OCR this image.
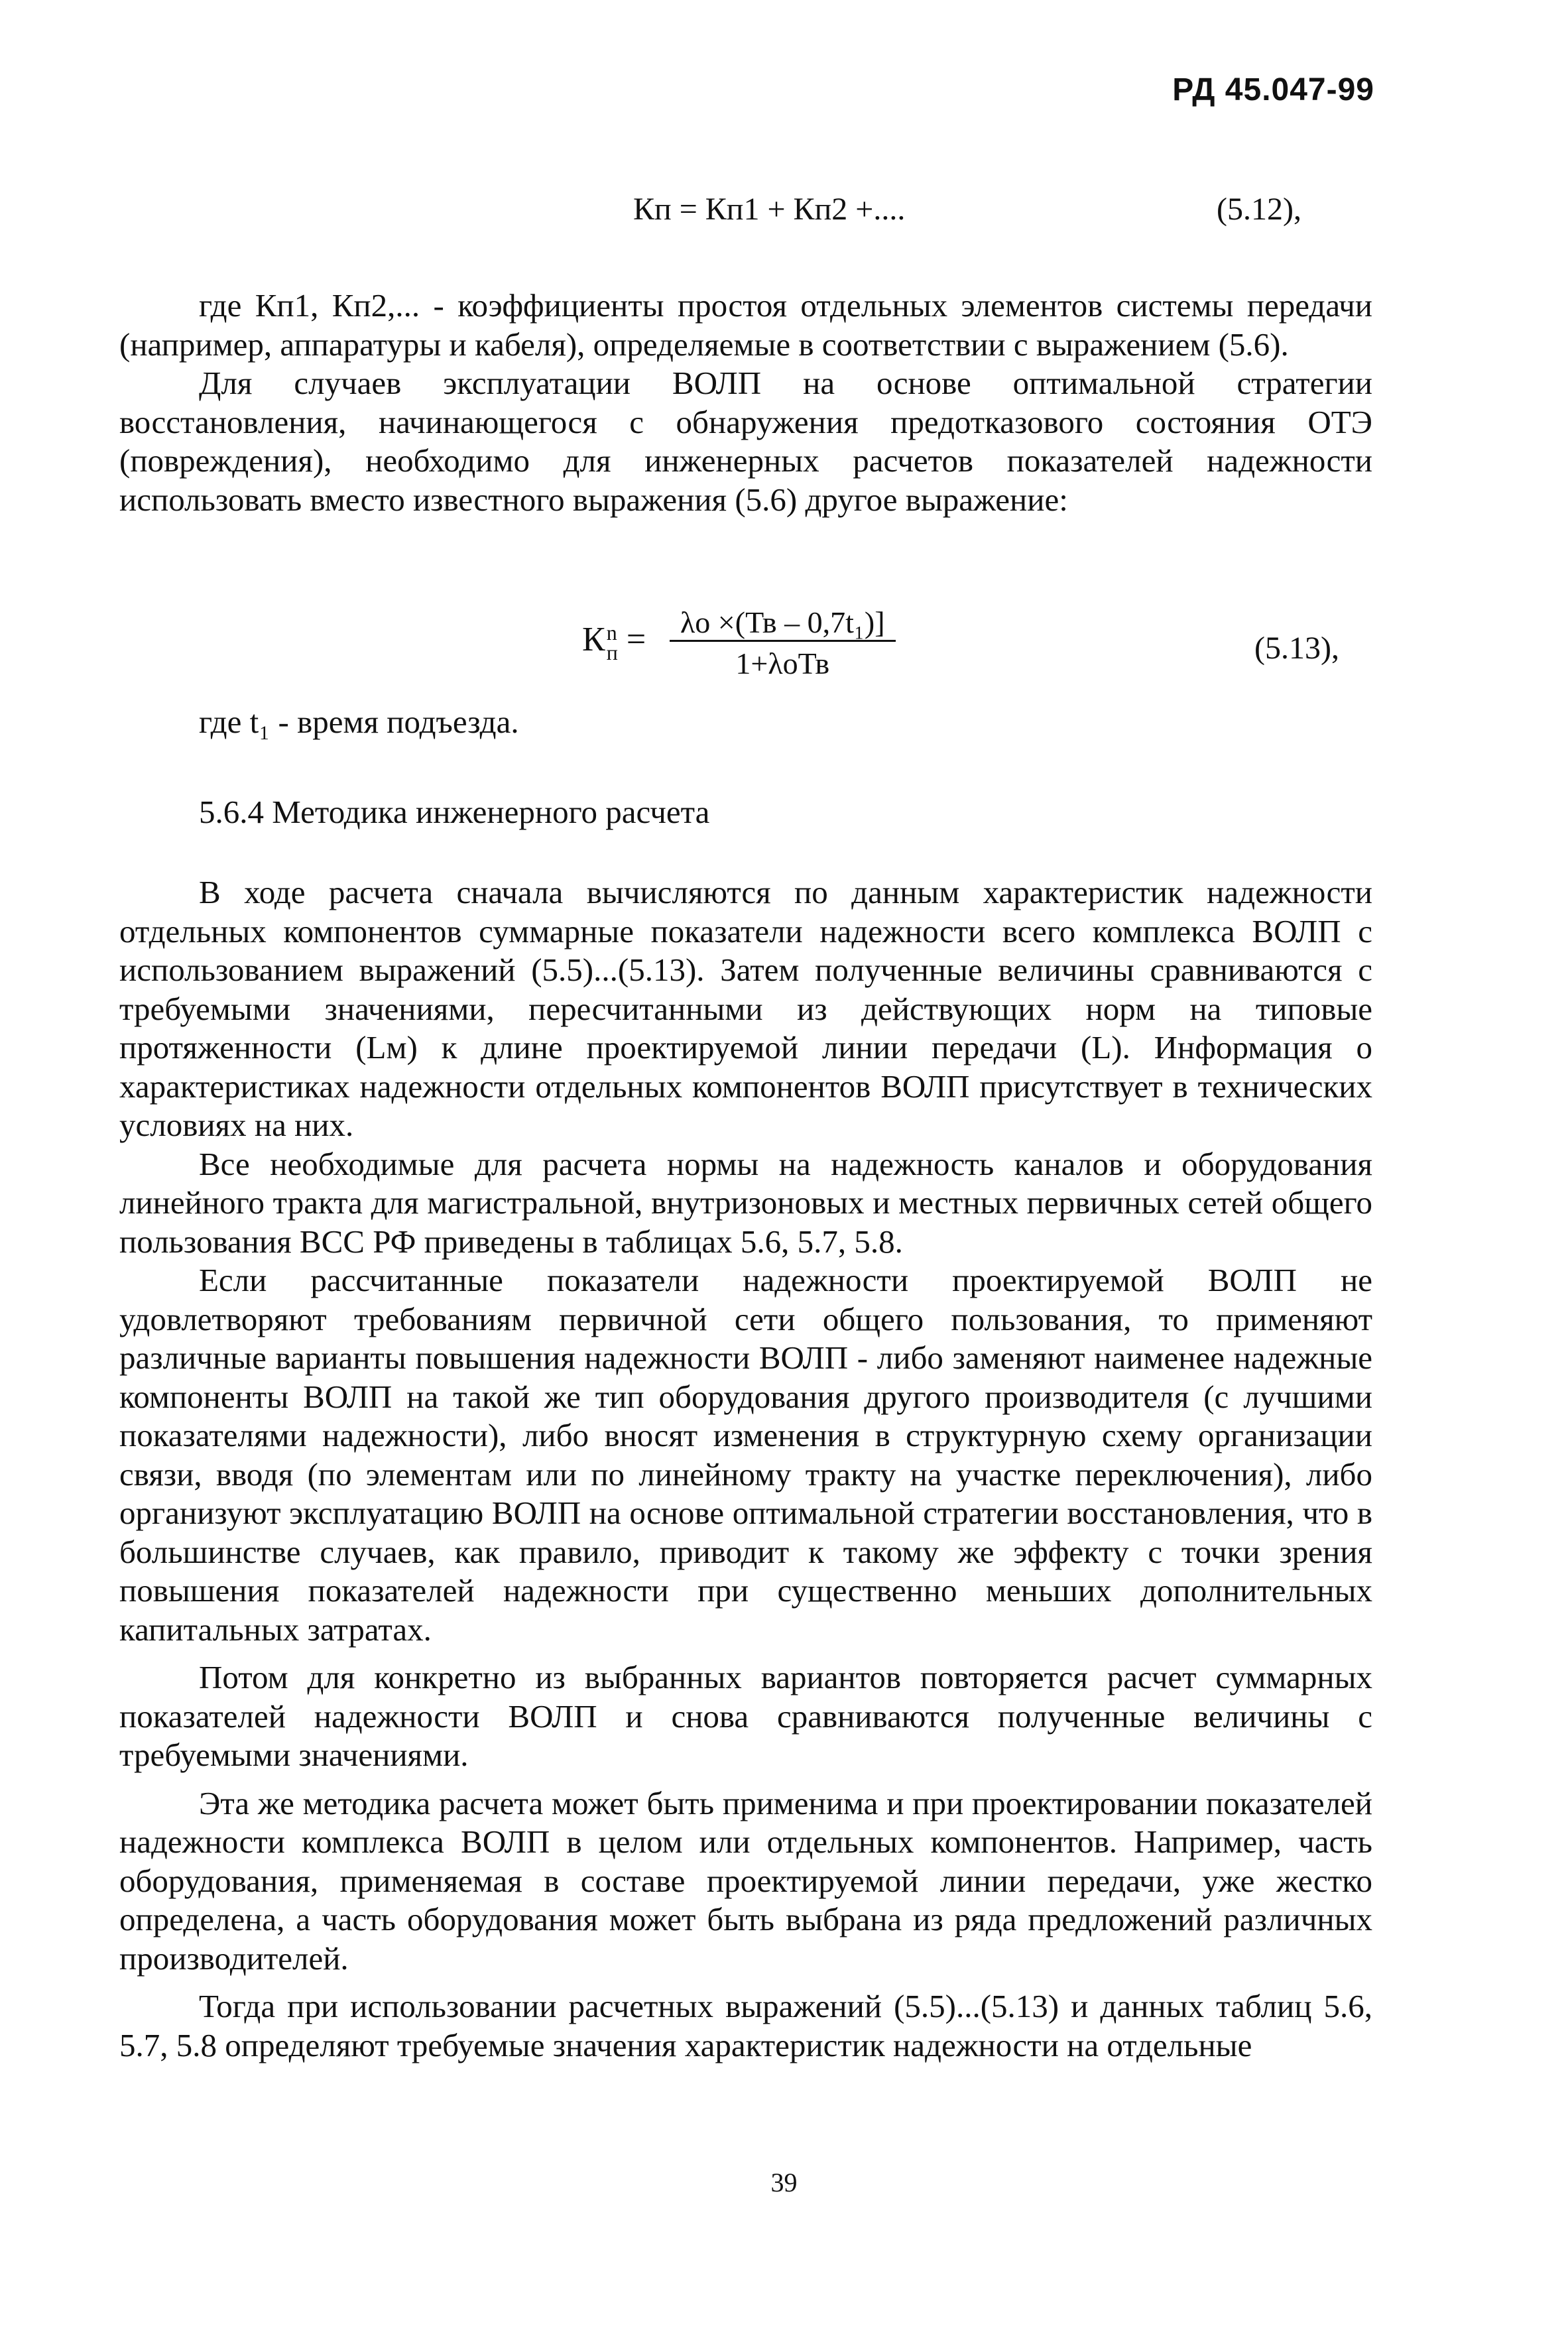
РД 45.047-99
Кп = Кп1 + Кп2 +....	(5.12),

где Кп1, Кп2,... - коэффициенты простоя отдельных элементов системы передачи (например, аппаратуры и кабеля), определяемые в соответствии с выражением (5.6).

Для случаев эксплуатации ВОЛП на основе оптимальной стратегии восстановления, начинающегося с обнаружения предотказового состояния ОТЭ (повреждения), необходимо для инженерных расчетов показателей надежности использовать вместо известного выражения (5.6) другое выражение:

К n
п =	λо ×(Тв – 0,7t₁)]
1+λоТв	(5.13),

где t₁ - время подъезда.

5.6.4 Методика инженерного расчета

В ходе расчета сначала вычисляются по данным характеристик надежности отдельных компонентов суммарные показатели надежности всего комплекса ВОЛП с использованием выражений (5.5)...(5.13). Затем полученные величины сравниваются с требуемыми значениями, пересчитанными из действующих норм на типовые протяженности (Lм) к длине проектируемой линии передачи (L). Информация о характеристиках надежности отдельных компонентов ВОЛП присутствует в технических условиях на них.

Все необходимые для расчета нормы на надежность каналов и оборудования линейного тракта для магистральной, внутризоновых и местных первичных сетей общего пользования ВСС РФ приведены в таблицах 5.6, 5.7, 5.8.

Если рассчитанные показатели надежности проектируемой ВОЛП не удовлетворяют требованиям первичной сети общего пользования, то применяют различные варианты повышения надежности ВОЛП - либо заменяют наименее надежные компоненты ВОЛП на такой же тип оборудования другого производителя (с лучшими показателями надежности), либо вносят изменения в структурную схему организации связи, вводя (по элементам или по линейному тракту на участке переключения), либо организуют эксплуатацию ВОЛП на основе оптимальной стратегии восстановления, что в большинстве случаев, как правило, приводит к такому же эффекту с точки зрения повышения показателей надежности при существенно меньших дополнительных капитальных затратах.

Потом для конкретно из выбранных вариантов повторяется расчет суммарных показателей надежности ВОЛП и снова сравниваются полученные величины с требуемыми значениями.

Эта же методика расчета может быть применима и при проектировании показателей надежности комплекса ВОЛП в целом или отдельных компонентов. Например, часть оборудования, применяемая в составе проектируемой линии передачи, уже жестко определена, а часть оборудования может быть выбрана из ряда предложений различных производителей.

Тогда при использовании расчетных выражений (5.5)...(5.13) и данных таблиц 5.6, 5.7, 5.8 определяют требуемые значения характеристик надежности на отдельные

39
